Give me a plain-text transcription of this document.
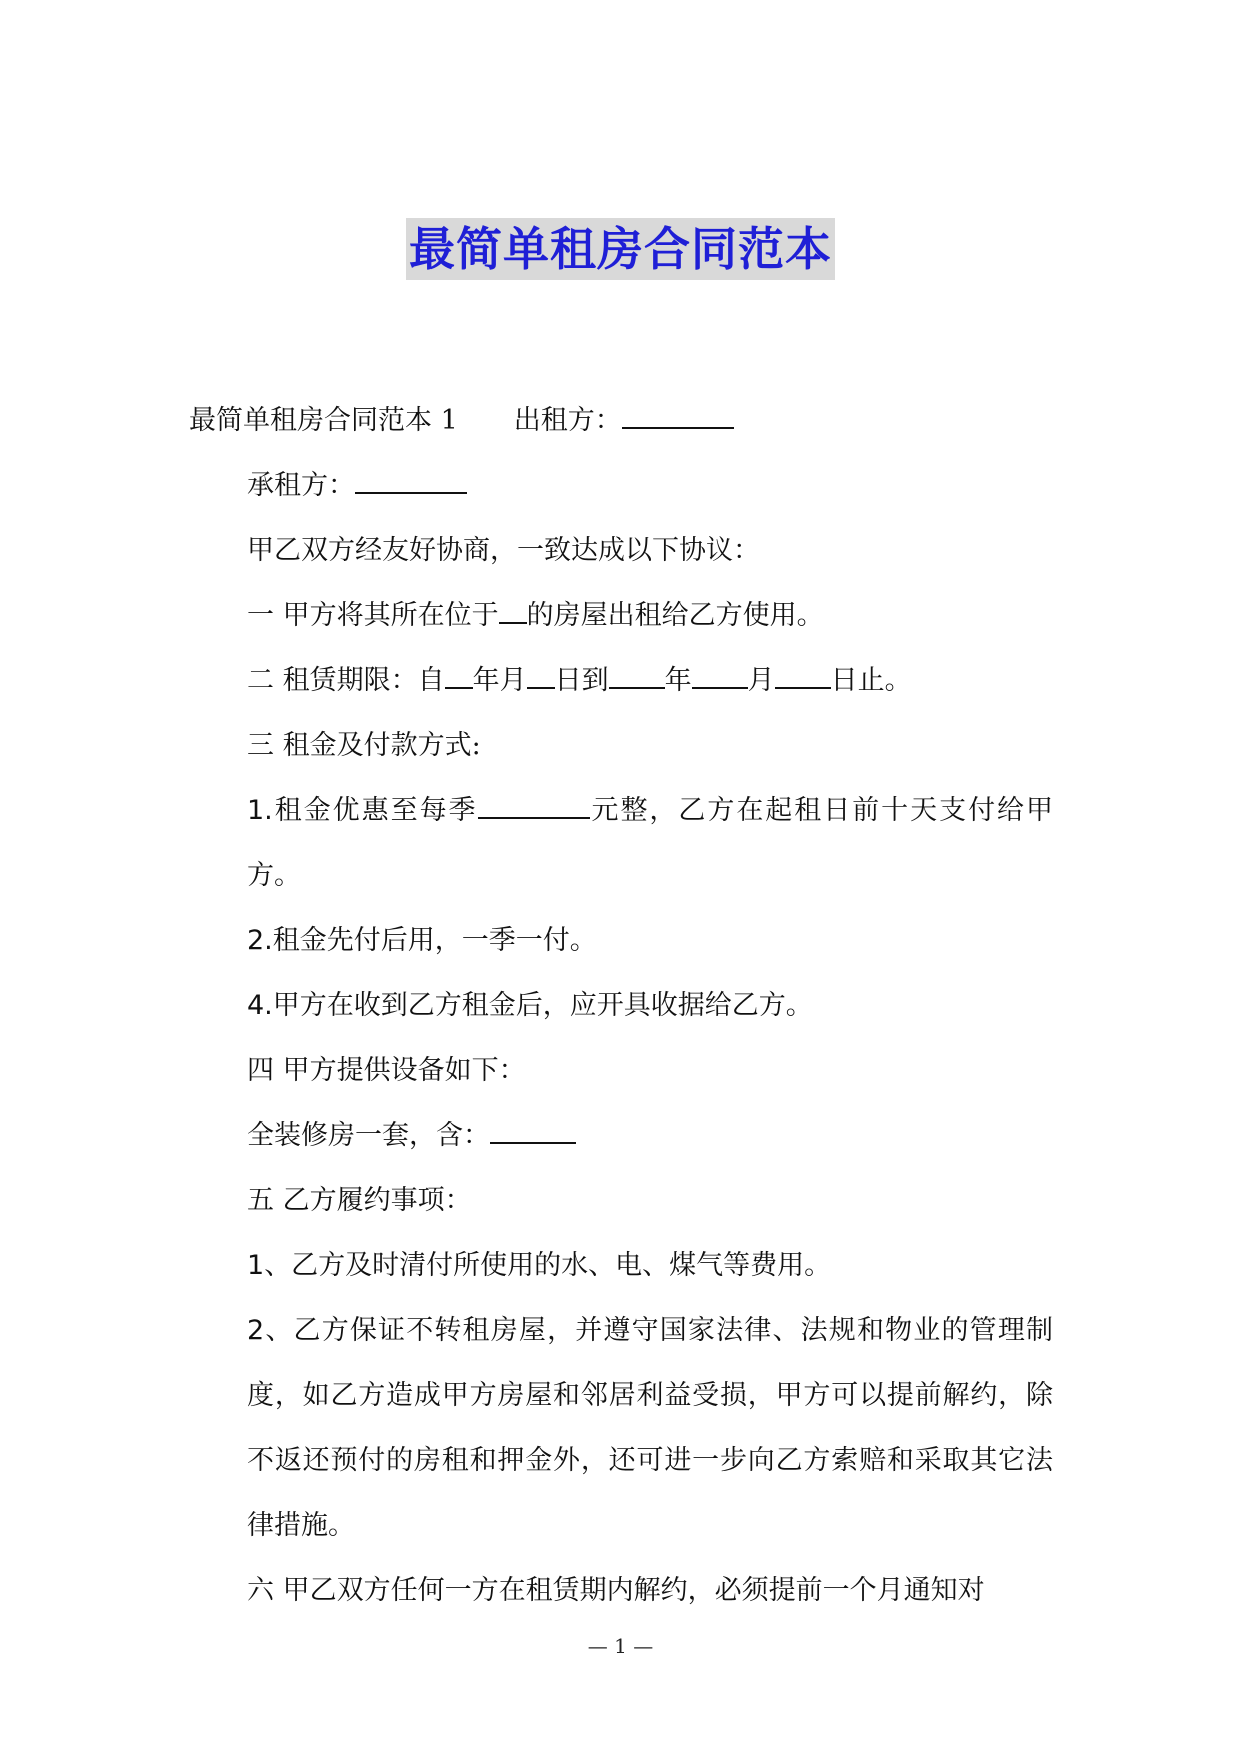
最简单租房合同范本

最简单租房合同范本 1 出租方：

承租方：

甲乙双方经友好协商，一致达成以下协议：

一 甲方将其所在位于 的房屋出租给乙方使用。

二 租赁期限：自 年月 日到 年 月 日止。

三 租金及付款方式:

1.租金优惠至每季	元整，乙方在起租日前十天支付给甲方。

2.租金先付后用，一季一付。

4.甲方在收到乙方租金后，应开具收据给乙方。

四 甲方提供设备如下：

全装修房一套，含：

五 乙方履约事项：

1、乙方及时清付所使用的水、电、煤气等费用。

2、乙方保证不转租房屋，并遵守国家法律、法规和物业的管理制度，如乙方造成甲方房屋和邻居利益受损，甲方可以提前解约，除不返还预付的房租和押金外，还可进一步向乙方索赔和采取其它法律措施。

六 甲乙双方任何一方在租赁期内解约，必须提前一个月通知对

— 1 —
